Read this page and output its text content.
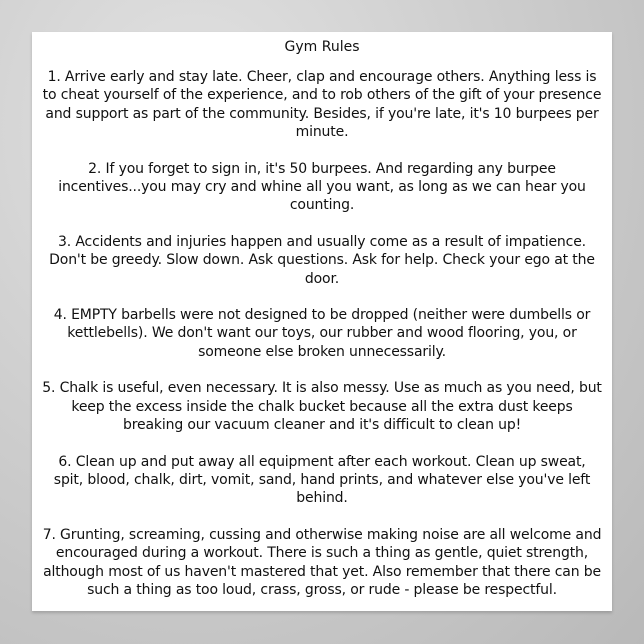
Gym Rules

1. Arrive early and stay late. Cheer, clap and encourage others. Anything less is to cheat yourself of the experience, and to rob others of the gift of your presence and support as part of the community. Besides, if you're late, it's 10 burpees per minute.

2. If you forget to sign in, it's 50 burpees. And regarding any burpee incentives...you may cry and whine all you want, as long as we can hear you counting.

3. Accidents and injuries happen and usually come as a result of impatience. Don't be greedy. Slow down. Ask questions. Ask for help. Check your ego at the door.

4. EMPTY barbells were not designed to be dropped (neither were dumbells or kettlebells). We don't want our toys, our rubber and wood flooring, you, or someone else broken unnecessarily.

5. Chalk is useful, even necessary. It is also messy. Use as much as you need, but keep the excess inside the chalk bucket because all the extra dust keeps breaking our vacuum cleaner and it's difficult to clean up!

6. Clean up and put away all equipment after each workout. Clean up sweat, spit, blood, chalk, dirt, vomit, sand, hand prints, and whatever else you've left behind.

7. Grunting, screaming, cussing and otherwise making noise are all welcome and encouraged during a workout. There is such a thing as gentle, quiet strength, although most of us haven't mastered that yet. Also remember that there can be such a thing as too loud, crass, gross, or rude - please be respectful.
